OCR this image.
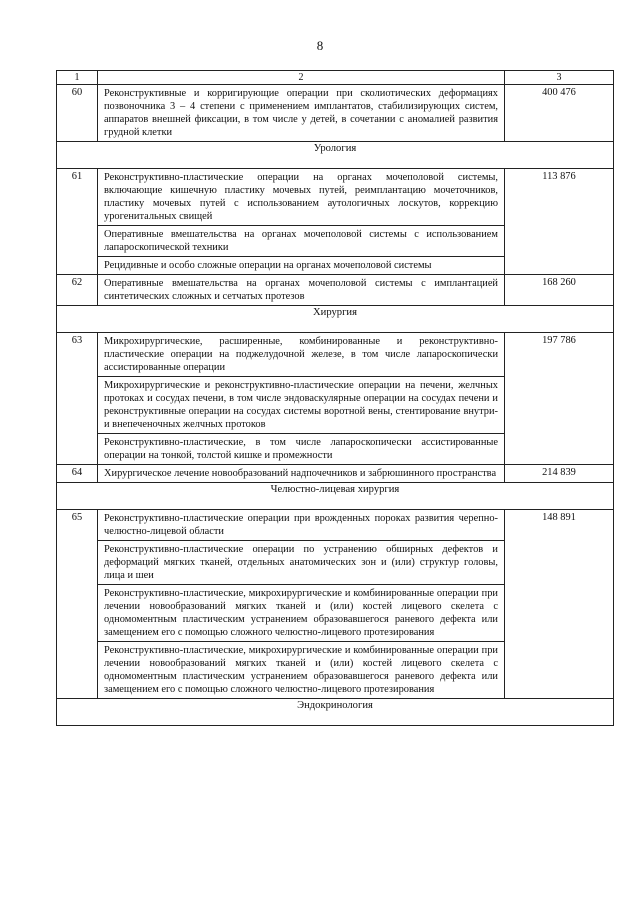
8
1	2	3
60	Реконструктивные и корригирующие операции при сколиотических деформациях позвоночника 3 – 4 степени с применением имплантатов, стабилизирующих систем, аппаратов внешней фиксации, в том числе у детей, в сочетании с аномалией развития грудной клетки	400 476
Урология		
61	Реконструктивно-пластические операции на органах мочеполовой системы, включающие кишечную пластику мочевых путей, реимплантацию мочеточников, пластику мочевых путей с использованием аутологичных лоскутов, коррекцию урогенитальных свищей
Оперативные вмешательства на органах мочеполовой системы с использованием лапароскопической техники
Рецидивные и особо сложные операции на органах мочеполовой системы	113 876
62	Оперативные вмешательства на органах мочеполовой системы с имплантацией синтетических сложных и сетчатых протезов	168 260
Хирургия		
63	Микрохирургические, расширенные, комбинированные и реконструктивно-пластические операции на поджелудочной железе, в том числе лапароскопически ассистированные операции
Микрохирургические и реконструктивно-пластические операции на печени, желчных протоках и сосудах печени, в том числе эндоваскулярные операции на сосудах печени и реконструктивные операции на сосудах системы воротной вены, стентирование внутри- и внепеченочных желчных протоков
Реконструктивно-пластические, в том числе лапароскопически ассистированные операции на тонкой, толстой кишке и промежности	197 786
64	Хирургическое лечение новообразований надпочечников и забрюшинного пространства	214 839
Челюстно-лицевая хирургия		
65	Реконструктивно-пластические операции при врожденных пороках развития черепно-челюстно-лицевой области
Реконструктивно-пластические операции по устранению обширных дефектов и деформаций мягких тканей, отдельных анатомических зон и (или) структур головы, лица и шеи
Реконструктивно-пластические, микрохирургические и комбинированные операции при лечении новообразований мягких тканей и (или) костей лицевого скелета с одномоментным пластическим устранением образовавшегося раневого дефекта или замещением его с помощью сложного челюстно-лицевого протезирования
Реконструктивно-пластические, микрохирургические и комбинированные операции при лечении новообразований мягких тканей и (или) костей лицевого скелета с одномоментным пластическим устранением образовавшегося раневого дефекта или замещением его с помощью сложного челюстно-лицевого протезирования	148 891
Эндокринология		
